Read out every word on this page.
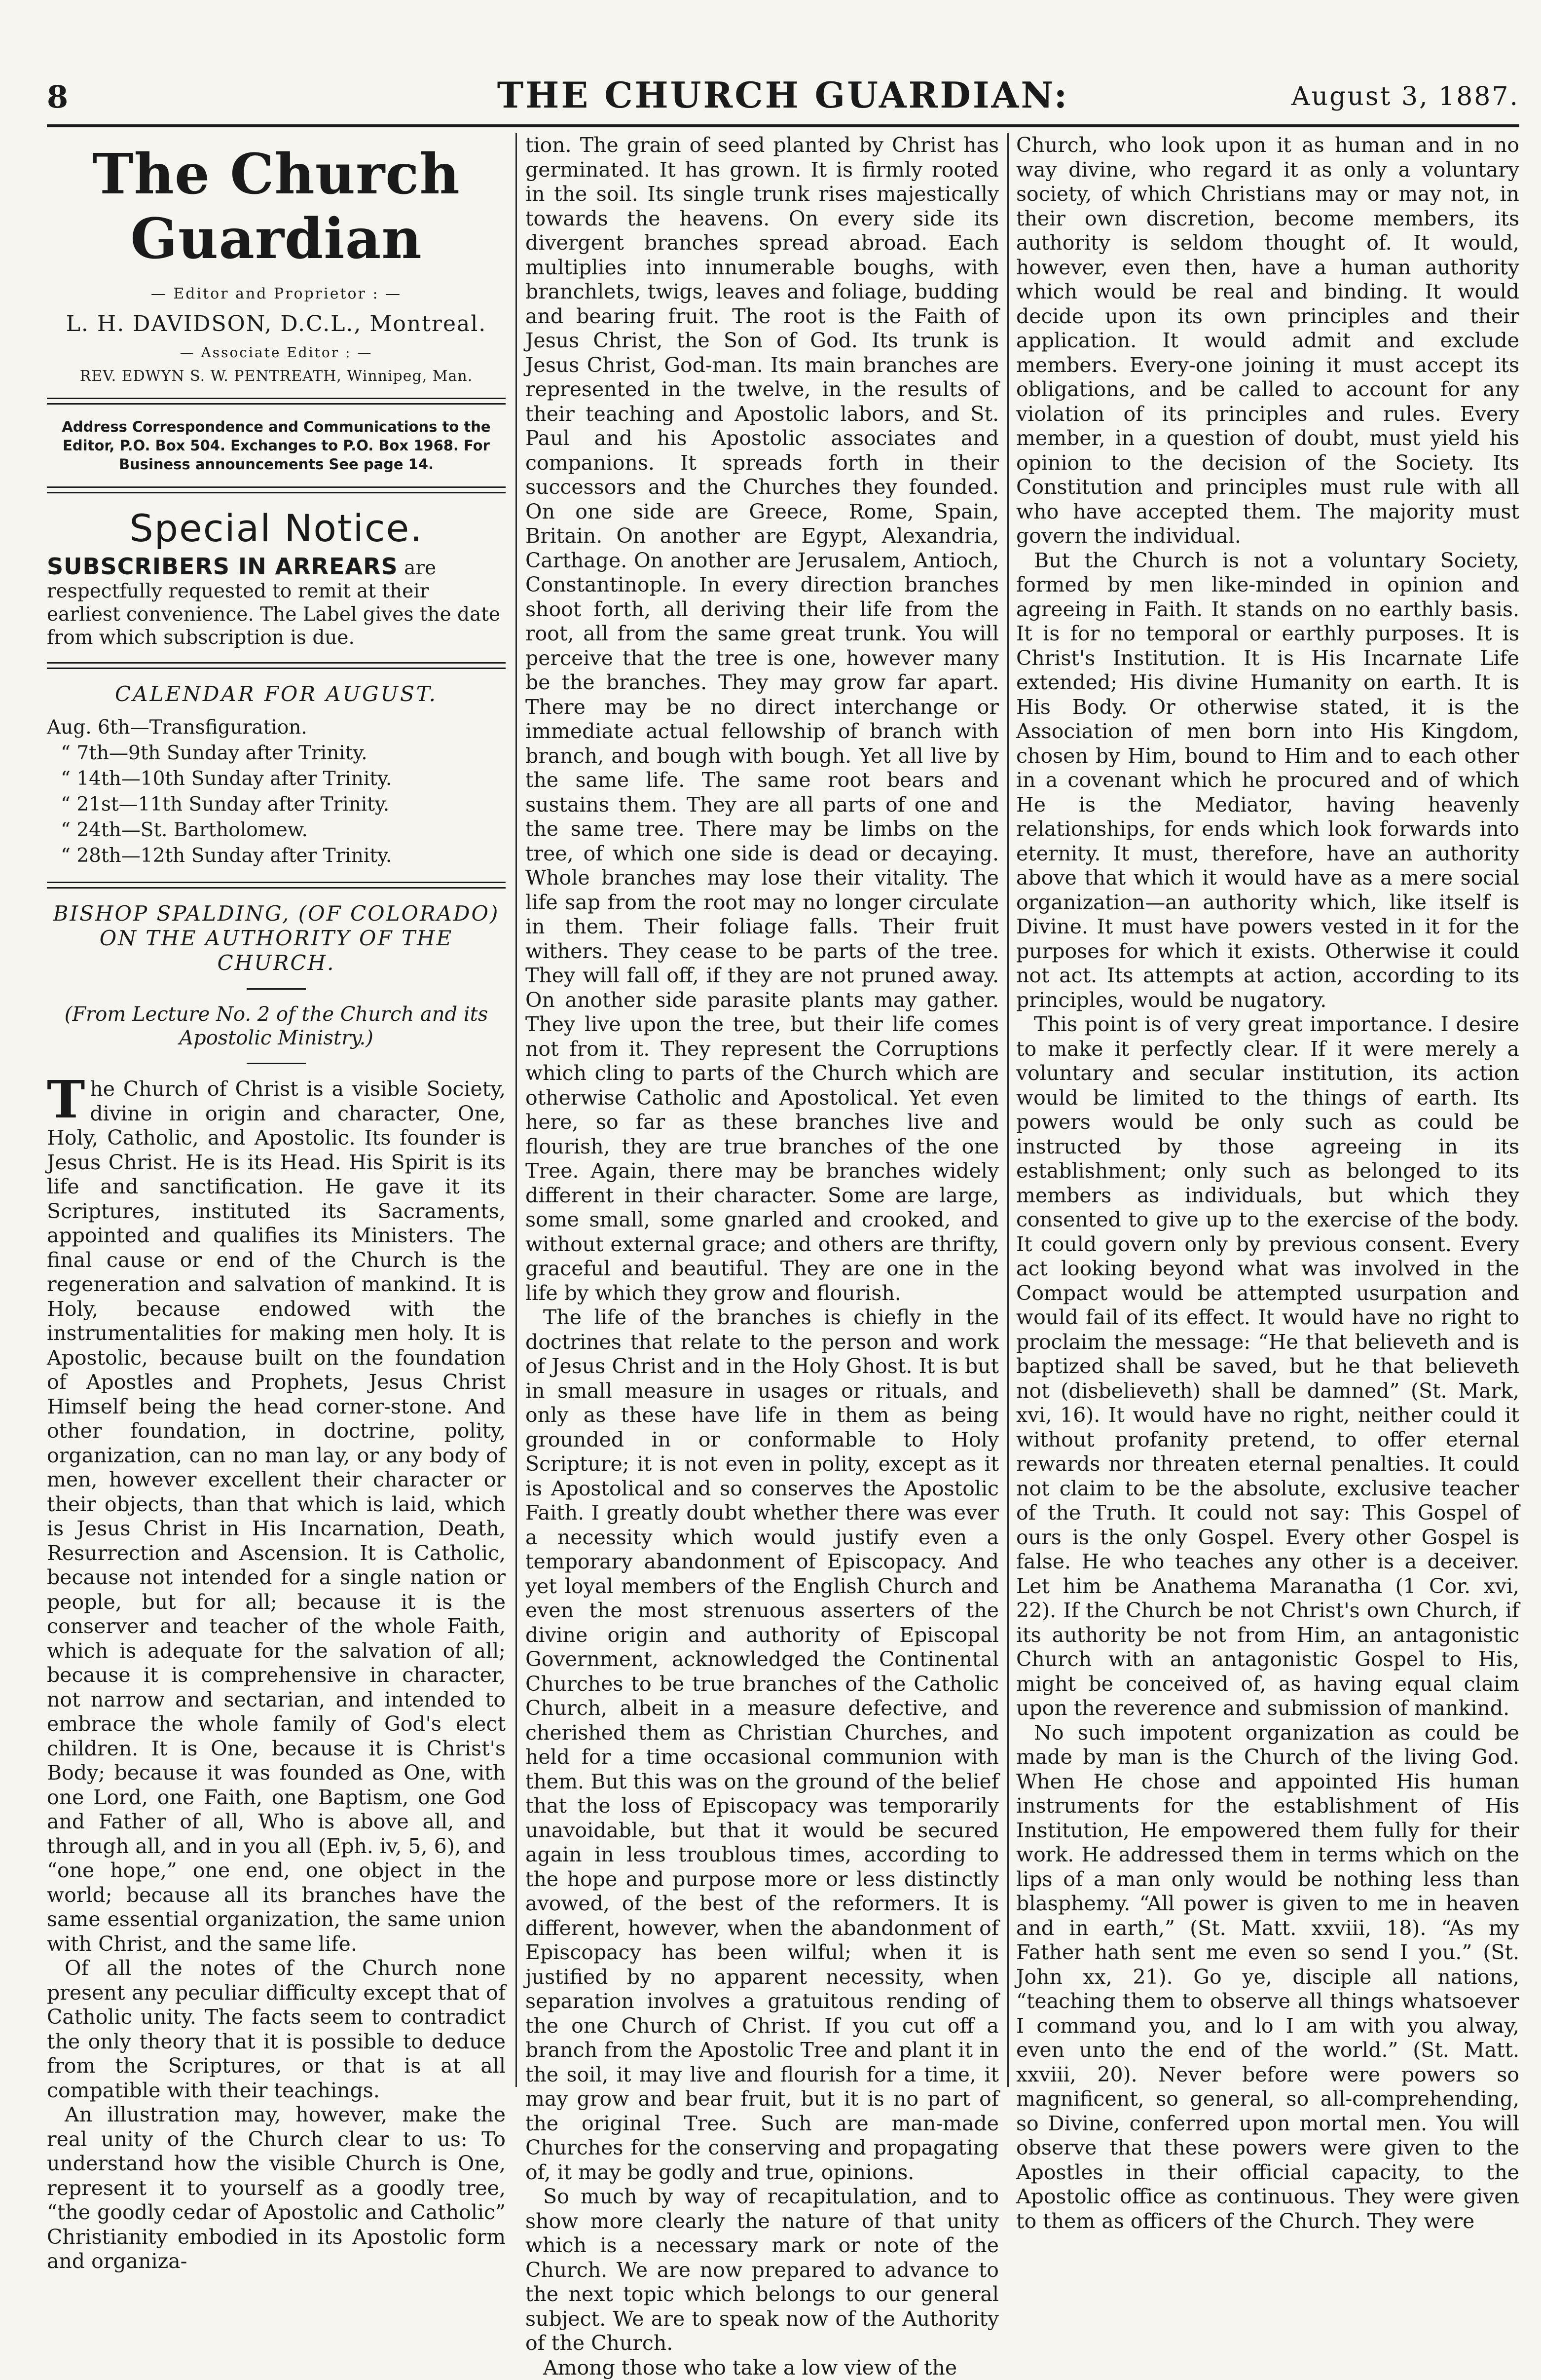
8	THE CHURCH GUARDIAN:	August 3, 1887.
The Church Guardian

— Editor and Proprietor : —

L. H. DAVIDSON, D.C.L., Montreal.

— Associate Editor : —

REV. EDWYN S. W. PENTREATH, Winnipeg, Man.

Address Correspondence and Communications to the Editor, P.O. Box 504. Exchanges to P.O. Box 1968. For Business announcements See page 14.
Special Notice.

SUBSCRIBERS IN ARREARS are respectfully requested to remit at their earliest convenience. The Label gives the date from which subscription is due.

CALENDAR FOR AUGUST.

Aug. 6th—Transfiguration.

“ 7th—9th Sunday after Trinity.

“ 14th—10th Sunday after Trinity.

“ 21st—11th Sunday after Trinity.

“ 24th—St. Bartholomew.

“ 28th—12th Sunday after Trinity.

BISHOP SPALDING, (OF COLORADO) ON THE AUTHORITY OF THE CHURCH.
(From Lecture No. 2 of the Church and its Apostolic Ministry.)

The Church of Christ is a visible Society, divine in origin and character, One, Holy, Catholic, and Apostolic. Its founder is Jesus Christ. He is its Head. His Spirit is its life and sanctification. He gave it its Scriptures, instituted its Sacraments, appointed and qualifies its Ministers. The final cause or end of the Church is the regeneration and salvation of mankind. It is Holy, because endowed with the instrumentalities for making men holy. It is Apostolic, because built on the foundation of Apostles and Prophets, Jesus Christ Himself being the head corner-stone. And other foundation, in doctrine, polity, organization, can no man lay, or any body of men, however excellent their character or their objects, than that which is laid, which is Jesus Christ in His Incarnation, Death, Resurrection and Ascension. It is Catholic, because not intended for a single nation or people, but for all; because it is the conserver and teacher of the whole Faith, which is adequate for the salvation of all; because it is comprehensive in character, not narrow and sectarian, and intended to embrace the whole family of God's elect children. It is One, because it is Christ's Body; because it was founded as One, with one Lord, one Faith, one Baptism, one God and Father of all, Who is above all, and through all, and in you all (Eph. iv, 5, 6), and “one hope,” one end, one object in the world; because all its branches have the same essential organization, the same union with Christ, and the same life.

Of all the notes of the Church none present any peculiar difficulty except that of Catholic unity. The facts seem to contradict the only theory that it is possible to deduce from the Scriptures, or that is at all compatible with their teachings.

An illustration may, however, make the real unity of the Church clear to us: To understand how the visible Church is One, represent it to yourself as a goodly tree, “the goodly cedar of Apostolic and Catholic” Christianity embodied in its Apostolic form and organiza-

tion. The grain of seed planted by Christ has germinated. It has grown. It is firmly rooted in the soil. Its single trunk rises majestically towards the heavens. On every side its divergent branches spread abroad. Each multiplies into innumerable boughs, with branchlets, twigs, leaves and foliage, budding and bearing fruit. The root is the Faith of Jesus Christ, the Son of God. Its trunk is Jesus Christ, God-man. Its main branches are represented in the twelve, in the results of their teaching and Apostolic labors, and St. Paul and his Apostolic associates and companions. It spreads forth in their successors and the Churches they founded. On one side are Greece, Rome, Spain, Britain. On another are Egypt, Alexandria, Carthage. On another are Jerusalem, Antioch, Constantinople. In every direction branches shoot forth, all deriving their life from the root, all from the same great trunk. You will perceive that the tree is one, however many be the branches. They may grow far apart. There may be no direct interchange or immediate actual fellowship of branch with branch, and bough with bough. Yet all live by the same life. The same root bears and sustains them. They are all parts of one and the same tree. There may be limbs on the tree, of which one side is dead or decaying. Whole branches may lose their vitality. The life sap from the root may no longer circulate in them. Their foliage falls. Their fruit withers. They cease to be parts of the tree. They will fall off, if they are not pruned away. On another side parasite plants may gather. They live upon the tree, but their life comes not from it. They represent the Corruptions which cling to parts of the Church which are otherwise Catholic and Apostolical. Yet even here, so far as these branches live and flourish, they are true branches of the one Tree. Again, there may be branches widely different in their character. Some are large, some small, some gnarled and crooked, and without external grace; and others are thrifty, graceful and beautiful. They are one in the life by which they grow and flourish.

The life of the branches is chiefly in the doctrines that relate to the person and work of Jesus Christ and in the Holy Ghost. It is but in small measure in usages or rituals, and only as these have life in them as being grounded in or conformable to Holy Scripture; it is not even in polity, except as it is Apostolical and so conserves the Apostolic Faith. I greatly doubt whether there was ever a necessity which would justify even a temporary abandonment of Episcopacy. And yet loyal members of the English Church and even the most strenuous asserters of the divine origin and authority of Episcopal Government, acknowledged the Continental Churches to be true branches of the Catholic Church, albeit in a measure defective, and cherished them as Christian Churches, and held for a time occasional communion with them. But this was on the ground of the belief that the loss of Episcopacy was temporarily unavoidable, but that it would be secured again in less troublous times, according to the hope and purpose more or less distinctly avowed, of the best of the reformers. It is different, however, when the abandonment of Episcopacy has been wilful; when it is justified by no apparent necessity, when separation involves a gratuitous rending of the one Church of Christ. If you cut off a branch from the Apostolic Tree and plant it in the soil, it may live and flourish for a time, it may grow and bear fruit, but it is no part of the original Tree. Such are man-made Churches for the conserving and propagating of, it may be godly and true, opinions.

So much by way of recapitulation, and to show more clearly the nature of that unity which is a necessary mark or note of the Church. We are now prepared to advance to the next topic which belongs to our general subject. We are to speak now of the Authority of the Church.

Among those who take a low view of the

Church, who look upon it as human and in no way divine, who regard it as only a voluntary society, of which Christians may or may not, in their own discretion, become members, its authority is seldom thought of. It would, however, even then, have a human authority which would be real and binding. It would decide upon its own principles and their application. It would admit and exclude members. Every-one joining it must accept its obligations, and be called to account for any violation of its principles and rules. Every member, in a question of doubt, must yield his opinion to the decision of the Society. Its Constitution and principles must rule with all who have accepted them. The majority must govern the individual.

But the Church is not a voluntary Society, formed by men like-minded in opinion and agreeing in Faith. It stands on no earthly basis. It is for no temporal or earthly purposes. It is Christ's Institution. It is His Incarnate Life extended; His divine Humanity on earth. It is His Body. Or otherwise stated, it is the Association of men born into His Kingdom, chosen by Him, bound to Him and to each other in a covenant which he procured and of which He is the Mediator, having heavenly relationships, for ends which look forwards into eternity. It must, therefore, have an authority above that which it would have as a mere social organization—an authority which, like itself is Divine. It must have powers vested in it for the purposes for which it exists. Otherwise it could not act. Its attempts at action, according to its principles, would be nugatory.

This point is of very great importance. I desire to make it perfectly clear. If it were merely a voluntary and secular institution, its action would be limited to the things of earth. Its powers would be only such as could be instructed by those agreeing in its establishment; only such as belonged to its members as individuals, but which they consented to give up to the exercise of the body. It could govern only by previous consent. Every act looking beyond what was involved in the Compact would be attempted usurpation and would fail of its effect. It would have no right to proclaim the message: “He that believeth and is baptized shall be saved, but he that believeth not (disbelieveth) shall be damned” (St. Mark, xvi, 16). It would have no right, neither could it without profanity pretend, to offer eternal rewards nor threaten eternal penalties. It could not claim to be the absolute, exclusive teacher of the Truth. It could not say: This Gospel of ours is the only Gospel. Every other Gospel is false. He who teaches any other is a deceiver. Let him be Anathema Maranatha (1 Cor. xvi, 22). If the Church be not Christ's own Church, if its authority be not from Him, an antagonistic Church with an antagonistic Gospel to His, might be conceived of, as having equal claim upon the reverence and submission of mankind.

No such impotent organization as could be made by man is the Church of the living God. When He chose and appointed His human instruments for the establishment of His Institution, He empowered them fully for their work. He addressed them in terms which on the lips of a man only would be nothing less than blasphemy. “All power is given to me in heaven and in earth,” (St. Matt. xxviii, 18). “As my Father hath sent me even so send I you.” (St. John xx, 21). Go ye, disciple all nations, “teaching them to observe all things whatsoever I command you, and lo I am with you alway, even unto the end of the world.” (St. Matt. xxviii, 20). Never before were powers so magnificent, so general, so all-comprehending, so Divine, conferred upon mortal men. You will observe that these powers were given to the Apostles in their official capacity, to the Apostolic office as continuous. They were given to them as officers of the Church. They were
